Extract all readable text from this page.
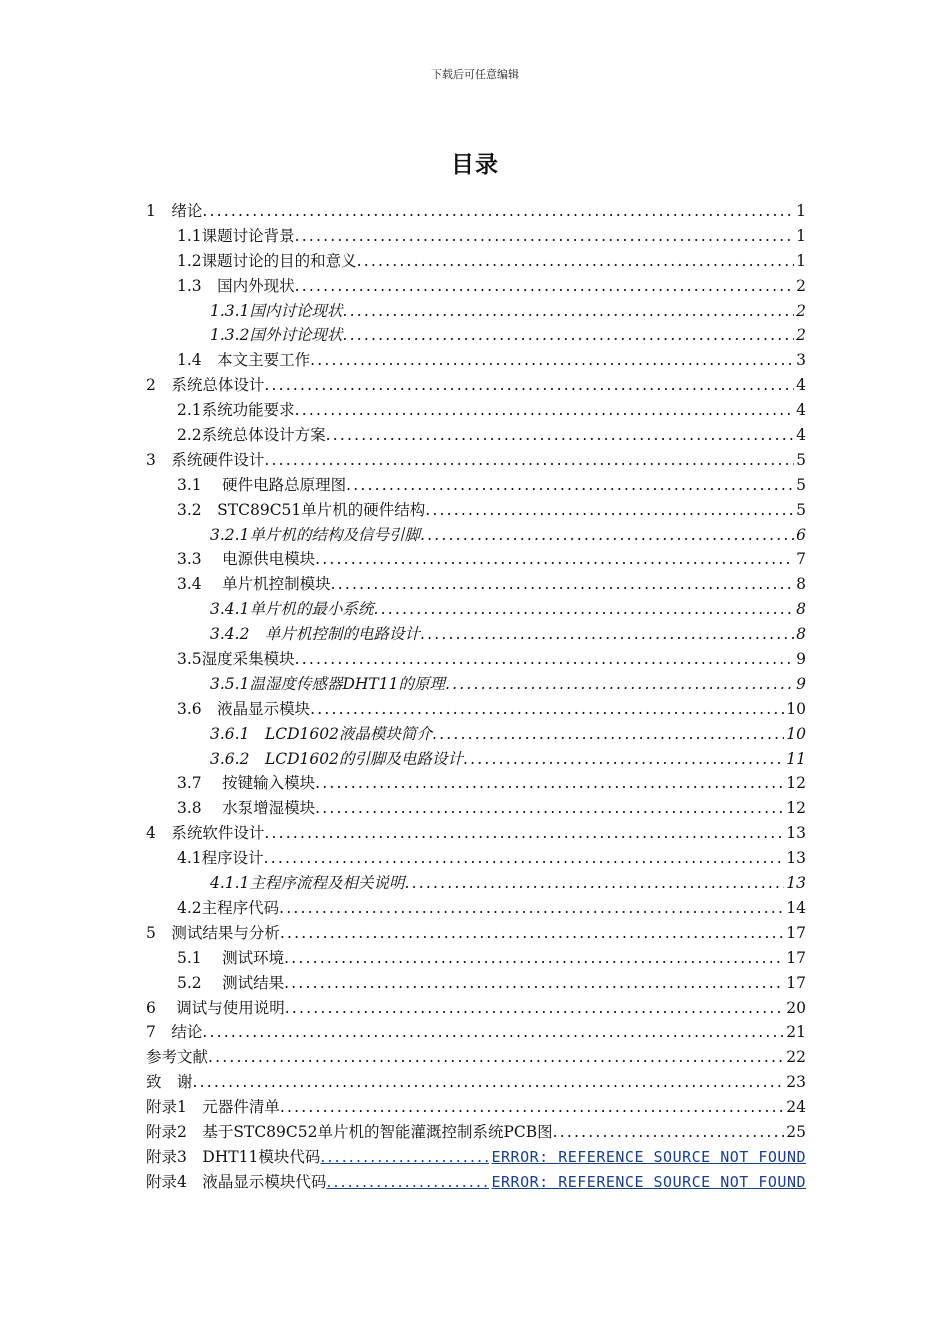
下载后可任意编辑
目录
1　绪论 .....	1
1.1课题讨论背景 .....	1
1.2课题讨论的目的和意义 .....	1
1.3　国内外现状 .....	2
1.3.1国内讨论现状 .....	2
1.3.2国外讨论现状 .....	2
1.4　本文主要工作 .....	3
2　系统总体设计 .....	4
2.1系统功能要求 .....	4
2.2系统总体设计方案 .....	4
3　系统硬件设计 .....	5
3.1　 硬件电路总原理图 .....	5
3.2　STC89C51单片机的硬件结构 .....	5
3.2.1单片机的结构及信号引脚 .....	6
3.3　 电源供电模块 .....	7
3.4　 单片机控制模块 .....	8
3.4.1单片机的最小系统 .....	8
3.4.2　单片机控制的电路设计 .....	8
3.5湿度采集模块 .....	9
3.5.1温湿度传感器DHT11的原理 .....	9
3.6　液晶显示模块 .....	10
3.6.1　LCD1602液晶模块简介 .....	10
3.6.2　LCD1602的引脚及电路设计 .....	11
3.7　 按键输入模块 .....	12
3.8　 水泵增湿模块 .....	12
4　系统软件设计 .....	13
4.1程序设计 .....	13
4.1.1主程序流程及相关说明 .....	13
4.2主程序代码 .....	14
5　测试结果与分析 .....	17
5.1　 测试环境 .....	17
5.2　 测试结果 .....	17
6　 调试与使用说明 .....	20
7　结论 .....	21
参考文献 .....	22
致　谢 .....	23
附录1　元器件清单 .....	24
附录2　基于STC89C52单片机的智能灌溉控制系统PCB图 .....	25
附录3　DHT11模块代码 .....	ERROR: REFERENCE SOURCE NOT FOUND
附录4　液晶显示模块代码 .....	ERROR: REFERENCE SOURCE NOT FOUND
